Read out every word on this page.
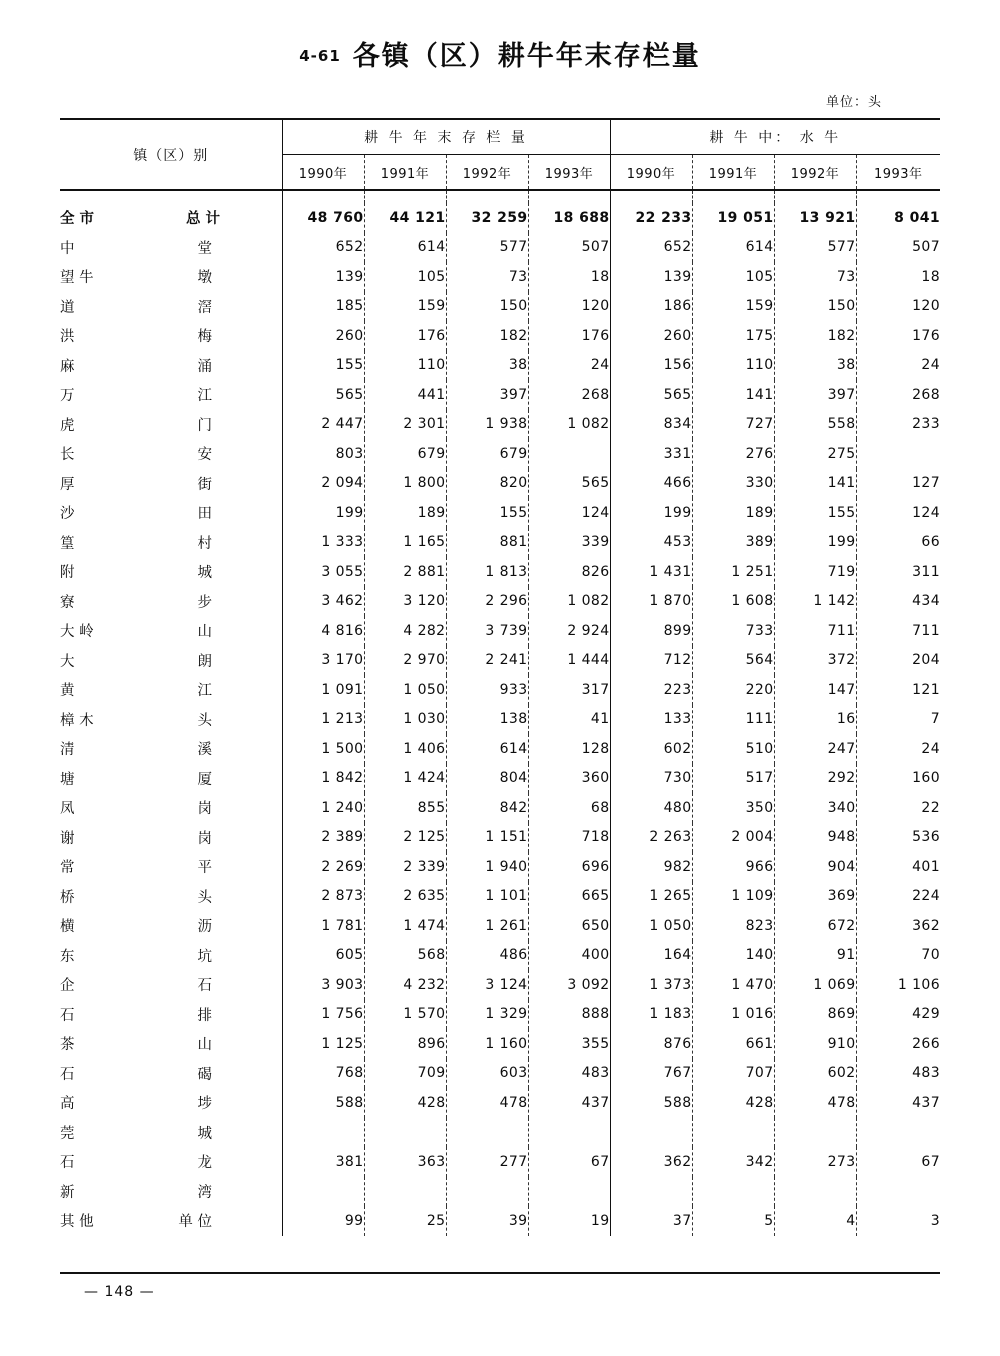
4-61 各镇（区）耕牛年末存栏量
单位：头
镇（区）别	耕 牛 年 末 存 栏 量				耕 牛 中： 水 牛			
	1990年	1991年	1992年	1993年	1990年	1991年	1992年	1993年

全 市 总 计	48 760	44 121	32 259	18 688	22 233	19 051	13 921	8 041

中 堂	652	614	577	507	652	614	577	507

望 牛 墩	139	105	73	18	139	105	73	18

道 滘	185	159	150	120	186	159	150	120

洪 梅	260	176	182	176	260	175	182	176

麻 涌	155	110	38	24	156	110	38	24

万 江	565	441	397	268	565	141	397	268

虎 门	2 447	2 301	1 938	1 082	834	727	558	233

长 安	803	679	679		331	276	275	

厚 街	2 094	1 800	820	565	466	330	141	127

沙 田	199	189	155	124	199	189	155	124

篁 村	1 333	1 165	881	339	453	389	199	66

附 城	3 055	2 881	1 813	826	1 431	1 251	719	311

寮 步	3 462	3 120	2 296	1 082	1 870	1 608	1 142	434

大 岭 山	4 816	4 282	3 739	2 924	899	733	711	711

大 朗	3 170	2 970	2 241	1 444	712	564	372	204

黄 江	1 091	1 050	933	317	223	220	147	121

樟 木 头	1 213	1 030	138	41	133	111	16	7

清 溪	1 500	1 406	614	128	602	510	247	24

塘 厦	1 842	1 424	804	360	730	517	292	160

凤 岗	1 240	855	842	68	480	350	340	22

谢 岗	2 389	2 125	1 151	718	2 263	2 004	948	536

常 平	2 269	2 339	1 940	696	982	966	904	401

桥 头	2 873	2 635	1 101	665	1 265	1 109	369	224

横 沥	1 781	1 474	1 261	650	1 050	823	672	362

东 坑	605	568	486	400	164	140	91	70

企 石	3 903	4 232	3 124	3 092	1 373	1 470	1 069	1 106

石 排	1 756	1 570	1 329	888	1 183	1 016	869	429

茶 山	1 125	896	1 160	355	876	661	910	266

石 碣	768	709	603	483	767	707	602	483

高 埗	588	428	478	437	588	428	478	437

莞 城								

石 龙	381	363	277	67	362	342	273	67

新 湾								

其 他 单 位	99	25	39	19	37	5	4	3
— 148 —
